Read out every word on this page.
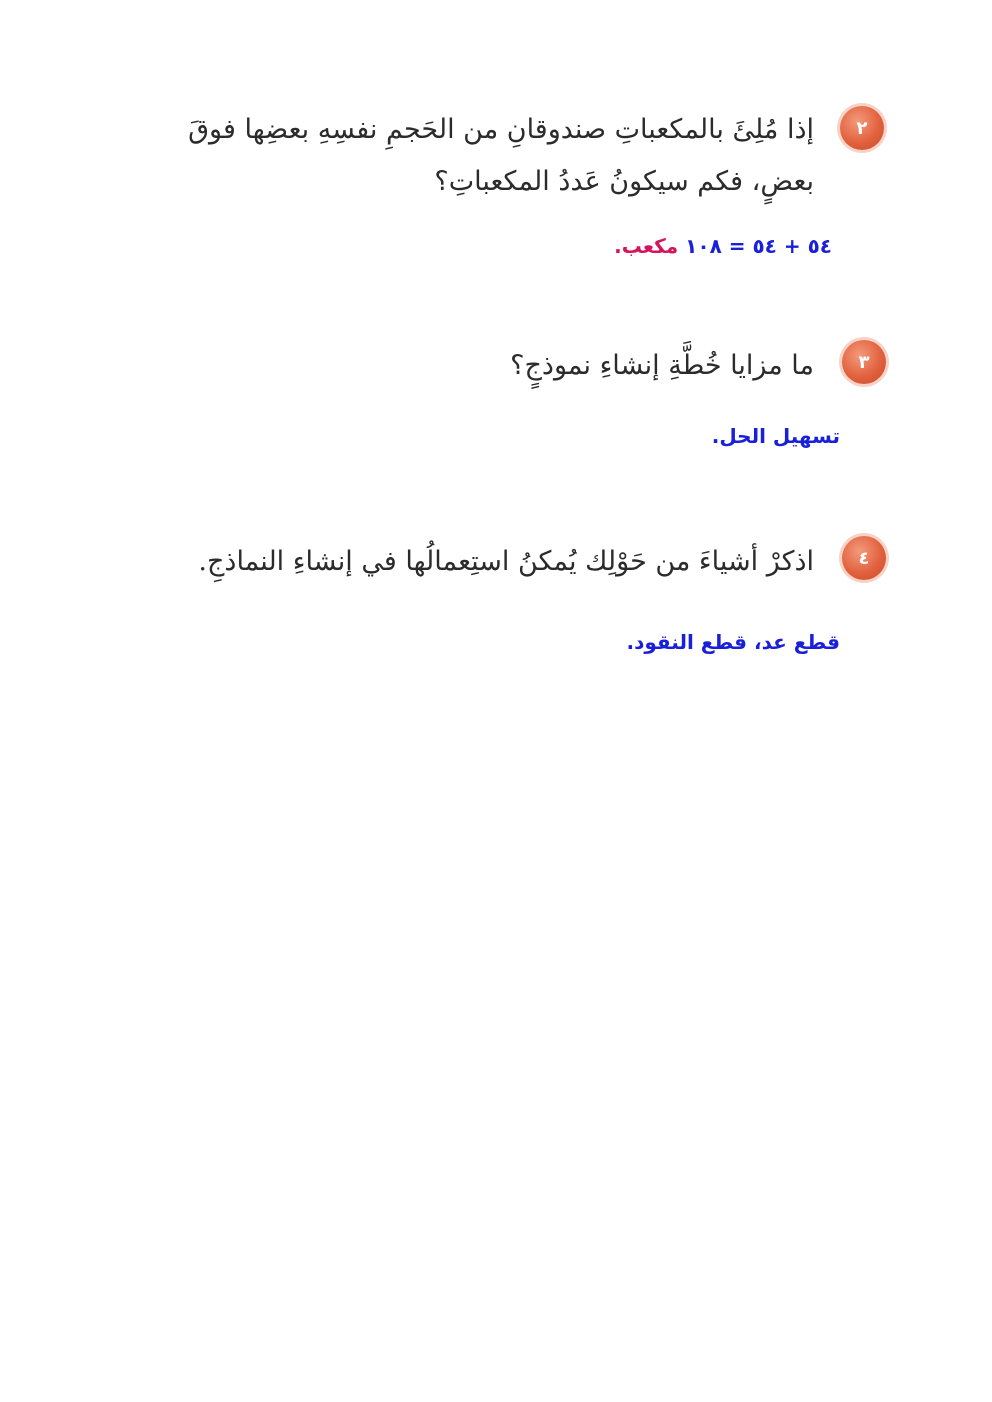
٢
إذا مُلِئَ بالمكعباتِ صندوقانِ من الحَجمِ نفسِهِ بعضِها فوقَ بعضٍ، فكم سيكونُ عَددُ المكعباتِ؟
٥٤ + ٥٤ = ١٠٨ مكعب.
٣
ما مزايا خُطَّةِ إنشاءِ نموذجٍ؟
تسهيل الحل.
٤
اذكرْ أشياءَ من حَوْلِك يُمكنُ استِعمالُها في إنشاءِ النماذجِ.
قطع عد، قطع النقود.
